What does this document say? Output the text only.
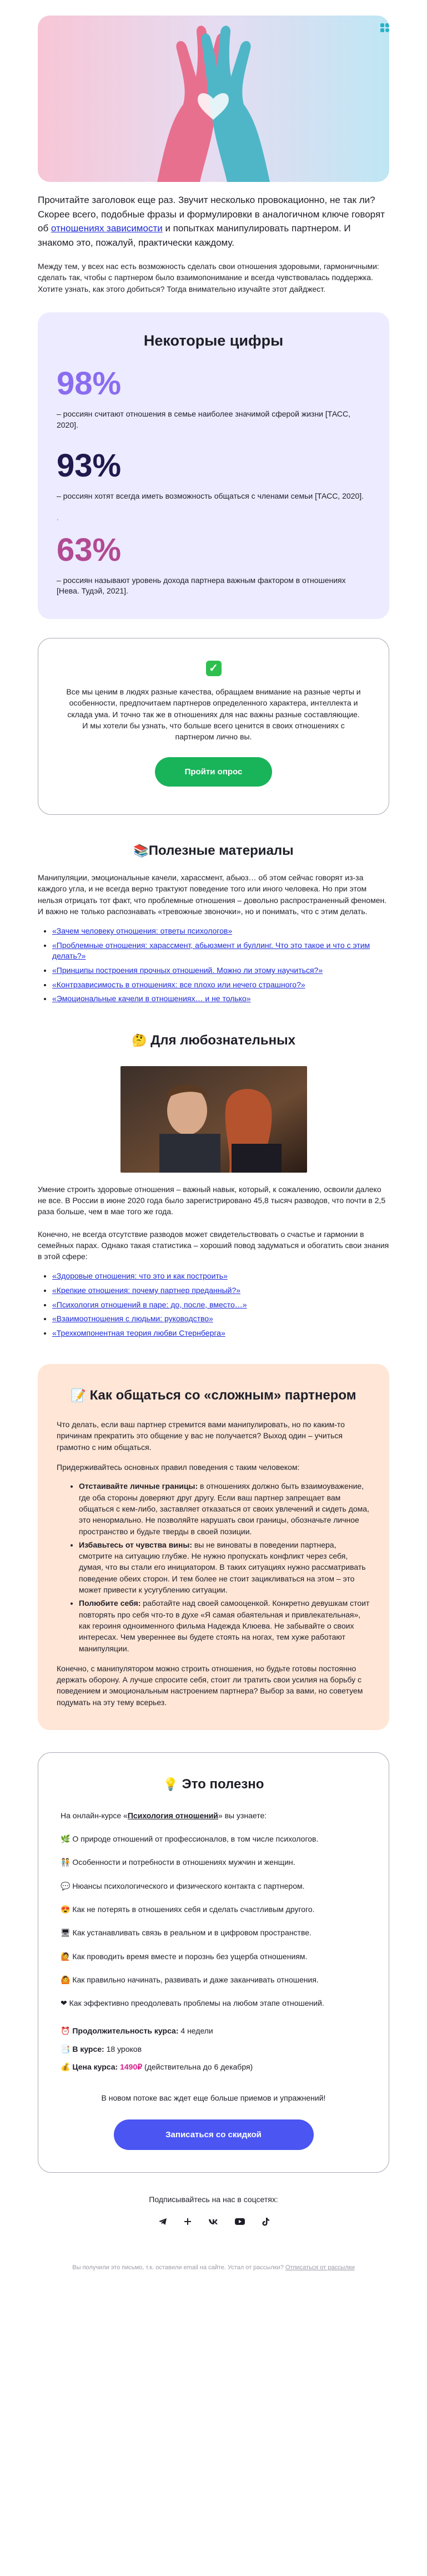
Прочитайте заголовок еще раз. Звучит несколько провокационно, не так ли? Скорее всего, подобные фразы и формулировки в аналогичном ключе говорят об отношениях зависимости и попытках манипулировать партнером. И знакомо это, пожалуй, практически каждому.

Между тем, у всех нас есть возможность сделать свои отношения здоровыми, гармоничными: сделать так, чтобы с партнером было взаимопонимание и всегда чувствовалась поддержка. Хотите узнать, как этого добиться? Тогда внимательно изучайте этот дайджест.

Некоторые цифры
98%
– россиян считают отношения в семье наиболее значимой сферой жизни [ТАСС, 2020].
93%
– россиян хотят всегда иметь возможность общаться с членами семьи [ТАСС, 2020].
,
63%
– россиян называют уровень дохода партнера важным фактором в отношениях [Нева. Тудэй, 2021].
✓

Все мы ценим в людях разные качества, обращаем внимание на разные черты и особенности, предпочитаем партнеров определенного характера, интеллекта и склада ума. И точно так же в отношениях для нас важны разные составляющие. И мы хотели бы узнать, что больше всего ценится в своих отношениях с партнером лично вы.

Пройти опрос
📚Полезные материалы

Манипуляции, эмоциональные качели, харассмент, абьюз… об этом сейчас говорят из-за каждого угла, и не всегда верно трактуют поведение того или иного человека. Но при этом нельзя отрицать тот факт, что проблемные отношения – довольно распространенный феномен. И важно не только распознавать «тревожные звоночки», но и понимать, что с этим делать.

• «Зачем человеку отношения: ответы психологов»
• «Проблемные отношения: харассмент, абьюзмент и буллинг. Что это такое и что с этим делать?»
• «Принципы построения прочных отношений. Можно ли этому научиться?»
• «Контрзависимость в отношениях: все плохо или нечего страшного?»
• «Эмоциональные качели в отношениях… и не только»
🤔 Для любознательных

Умение строить здоровые отношения – важный навык, который, к сожалению, освоили далеко не все. В России в июне 2020 года было зарегистрировано 45,8 тысяч разводов, что почти в 2,5 раза больше, чем в мае того же года.

Конечно, не всегда отсутствие разводов может свидетельствовать о счастье и гармонии в семейных парах. Однако такая статистика – хороший повод задуматься и обогатить свои знания в этой сфере:

• «Здоровые отношения: что это и как построить»
• «Крепкие отношения: почему партнер преданный?»
• «Психология отношений в паре: до, после, вместо…»
• «Взаимоотношения с людьми: руководство»
• «Трехкомпонентная теория любви Стернберга»
📝 Как общаться со «сложным» партнером

Что делать, если ваш партнер стремится вами манипулировать, но по каким-то причинам прекратить это общение у вас не получается? Выход один – учиться грамотно с ним общаться.

Придерживайтесь основных правил поведения с таким человеком:

• Отстаивайте личные границы: в отношениях должно быть взаимоуважение, где оба стороны доверяют друг другу. Если ваш партнер запрещает вам общаться с кем-либо, заставляет отказаться от своих увлечений и сидеть дома, это ненормально. Не позволяйте нарушать свои границы, обозначьте личное пространство и будьте тверды в своей позиции.
• Избавьтесь от чувства вины: вы не виноваты в поведении партнера, смотрите на ситуацию глубже. Не нужно пропускать конфликт через себя, думая, что вы стали его инициатором. В таких ситуациях нужно рассматривать поведение обеих сторон. И тем более не стоит зацикливаться на этом – это может привести к усугублению ситуации.
• Полюбите себя: работайте над своей самооценкой. Конкретно девушкам стоит повторять про себя что-то в духе «Я самая обаятельная и привлекательная», как героиня одноименного фильма Надежда Клюева. Не забывайте о своих интересах. Чем увереннее вы будете стоять на ногах, тем хуже работают манипуляции.

Конечно, с манипулятором можно строить отношения, но будьте готовы постоянно держать оборону. А лучше спросите себя, стоит ли тратить свои усилия на борьбу с поведением и эмоциональным настроением партнера? Выбор за вами, но советуем подумать на эту тему всерьез.

💡 Это полезно
На онлайн-курсе «Психология отношений» вы узнаете:
🌿 О природе отношений от профессионалов, в том числе психологов.
🧑‍🤝‍🧑 Особенности и потребности в отношениях мужчин и женщин.
💬 Нюансы психологического и физического контакта с партнером.
😍 Как не потерять в отношениях себя и сделать счастливым другого.
🖥 Как устанавливать связь в реальном и в цифровом пространстве.
🙋 Как проводить время вместе и порознь без ущерба отношениям.
🙆 Как правильно начинать, развивать и даже заканчивать отношения.
❤ Как эффективно преодолевать проблемы на любом этапе отношений.
⏰ Продолжительность курса: 4 недели
📑 В курсе: 18 уроков
💰 Цена курса: 1490₽ (действительна до 6 декабря)
В новом потоке вас ждет еще больше приемов и упражнений!
Записаться со скидкой
Подписывайтесь на нас в соцсетях:
Вы получили это письмо, т.к. оставили email на сайте. Устал от рассылки? Отписаться от рассылки
